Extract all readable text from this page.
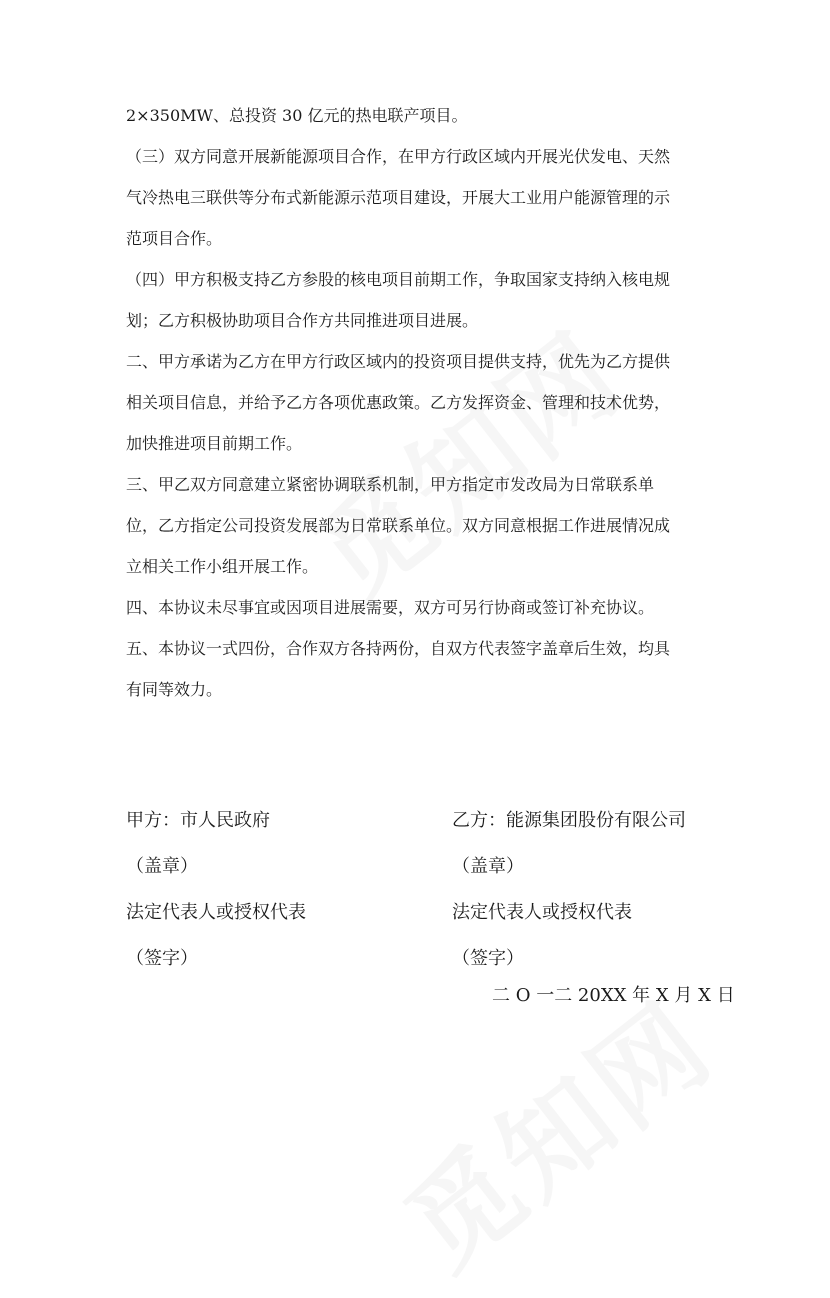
2×350MW、总投资 30 亿元的热电联产项目。
（三）双方同意开展新能源项目合作，在甲方行政区域内开展光伏发电、天然
气冷热电三联供等分布式新能源示范项目建设，开展大工业用户能源管理的示
范项目合作。
（四）甲方积极支持乙方参股的核电项目前期工作，争取国家支持纳入核电规
划；乙方积极协助项目合作方共同推进项目进展。
二、甲方承诺为乙方在甲方行政区域内的投资项目提供支持，优先为乙方提供
相关项目信息，并给予乙方各项优惠政策。乙方发挥资金、管理和技术优势，
加快推进项目前期工作。
三、甲乙双方同意建立紧密协调联系机制，甲方指定市发改局为日常联系单
位，乙方指定公司投资发展部为日常联系单位。双方同意根据工作进展情况成
立相关工作小组开展工作。
四、本协议未尽事宜或因项目进展需要，双方可另行协商或签订补充协议。
五、本协议一式四份，合作双方各持两份，自双方代表签字盖章后生效，均具
有同等效力。
甲方：市人民政府
（盖章）
法定代表人或授权代表
（签字）
乙方：能源集团股份有限公司
（盖章）
法定代表人或授权代表
（签字）
二 O 一二 20XX 年 X 月 X 日
